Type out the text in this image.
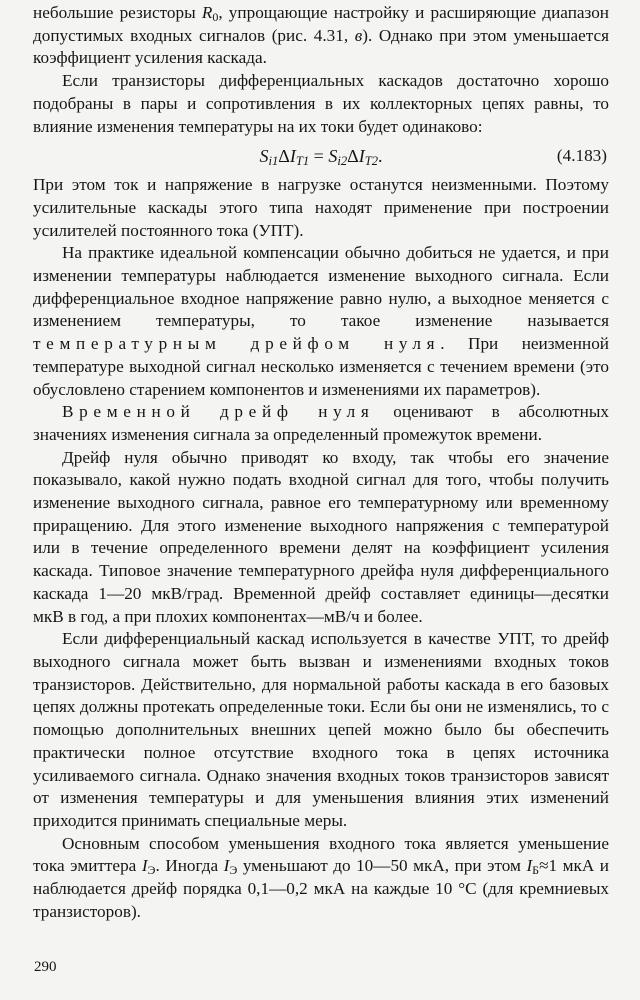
небольшие резисторы $R_0$, упрощающие настройку и расширяющие диапазон допустимых входных сигналов (рис. 4.31, в). Однако при этом уменьшается коэффициент усиления каскада.

Если транзисторы дифференциальных каскадов достаточно хорошо подобраны в пары и сопротивления в их коллекторных цепях равны, то влияние изменения температуры на их токи будет одинаково:

$S_{i1}\Delta I_{T1} = S_{i2}\Delta I_{T2}$.	(4.183)

При этом ток и напряжение в нагрузке останутся неизменными. Поэтому усилительные каскады этого типа находят применение при построении усилителей постоянного тока (УПТ).

На практике идеальной компенсации обычно добиться не удается, и при изменении температуры наблюдается изменение выходного сигнала. Если дифференциальное входное напряжение равно нулю, а выходное меняется с изменением температуры, то такое изменение называется температурным дрейфом нуля. При неизменной температуре выходной сигнал несколько изменяется с течением времени (это обусловлено старением компонентов и изменениями их параметров).

Временной дрейф нуля оценивают в абсолютных значениях изменения сигнала за определенный промежуток времени.

Дрейф нуля обычно приводят ко входу, так чтобы его значение показывало, какой нужно подать входной сигнал для того, чтобы получить изменение выходного сигнала, равное его температурному или временному приращению. Для этого изменение выходного напряжения с температурой или в течение определенного времени делят на коэффициент усиления каскада. Типовое значение температурного дрейфа нуля дифференциального каскада 1—20 мкВ/град. Временной дрейф составляет единицы—десятки мкВ в год, а при плохих компонентах—мВ/ч и более.

Если дифференциальный каскад используется в качестве УПТ, то дрейф выходного сигнала может быть вызван и изменениями входных токов транзисторов. Действительно, для нормальной работы каскада в его базовых цепях должны протекать определенные токи. Если бы они не изменялись, то с помощью дополнительных внешних цепей можно было бы обеспечить практически полное отсутствие входного тока в цепях источника усиливаемого сигнала. Однако значения входных токов транзисторов зависят от изменения температуры и для уменьшения влияния этих изменений приходится принимать специальные меры.

Основным способом уменьшения входного тока является уменьшение тока эмиттера $I_Э$. Иногда $I_Э$ уменьшают до 10—50 мкА, при этом $I_Б\approx 1$ мкА и наблюдается дрейф порядка 0,1—0,2 мкА на каждые 10 °С (для кремниевых транзисторов).

290
